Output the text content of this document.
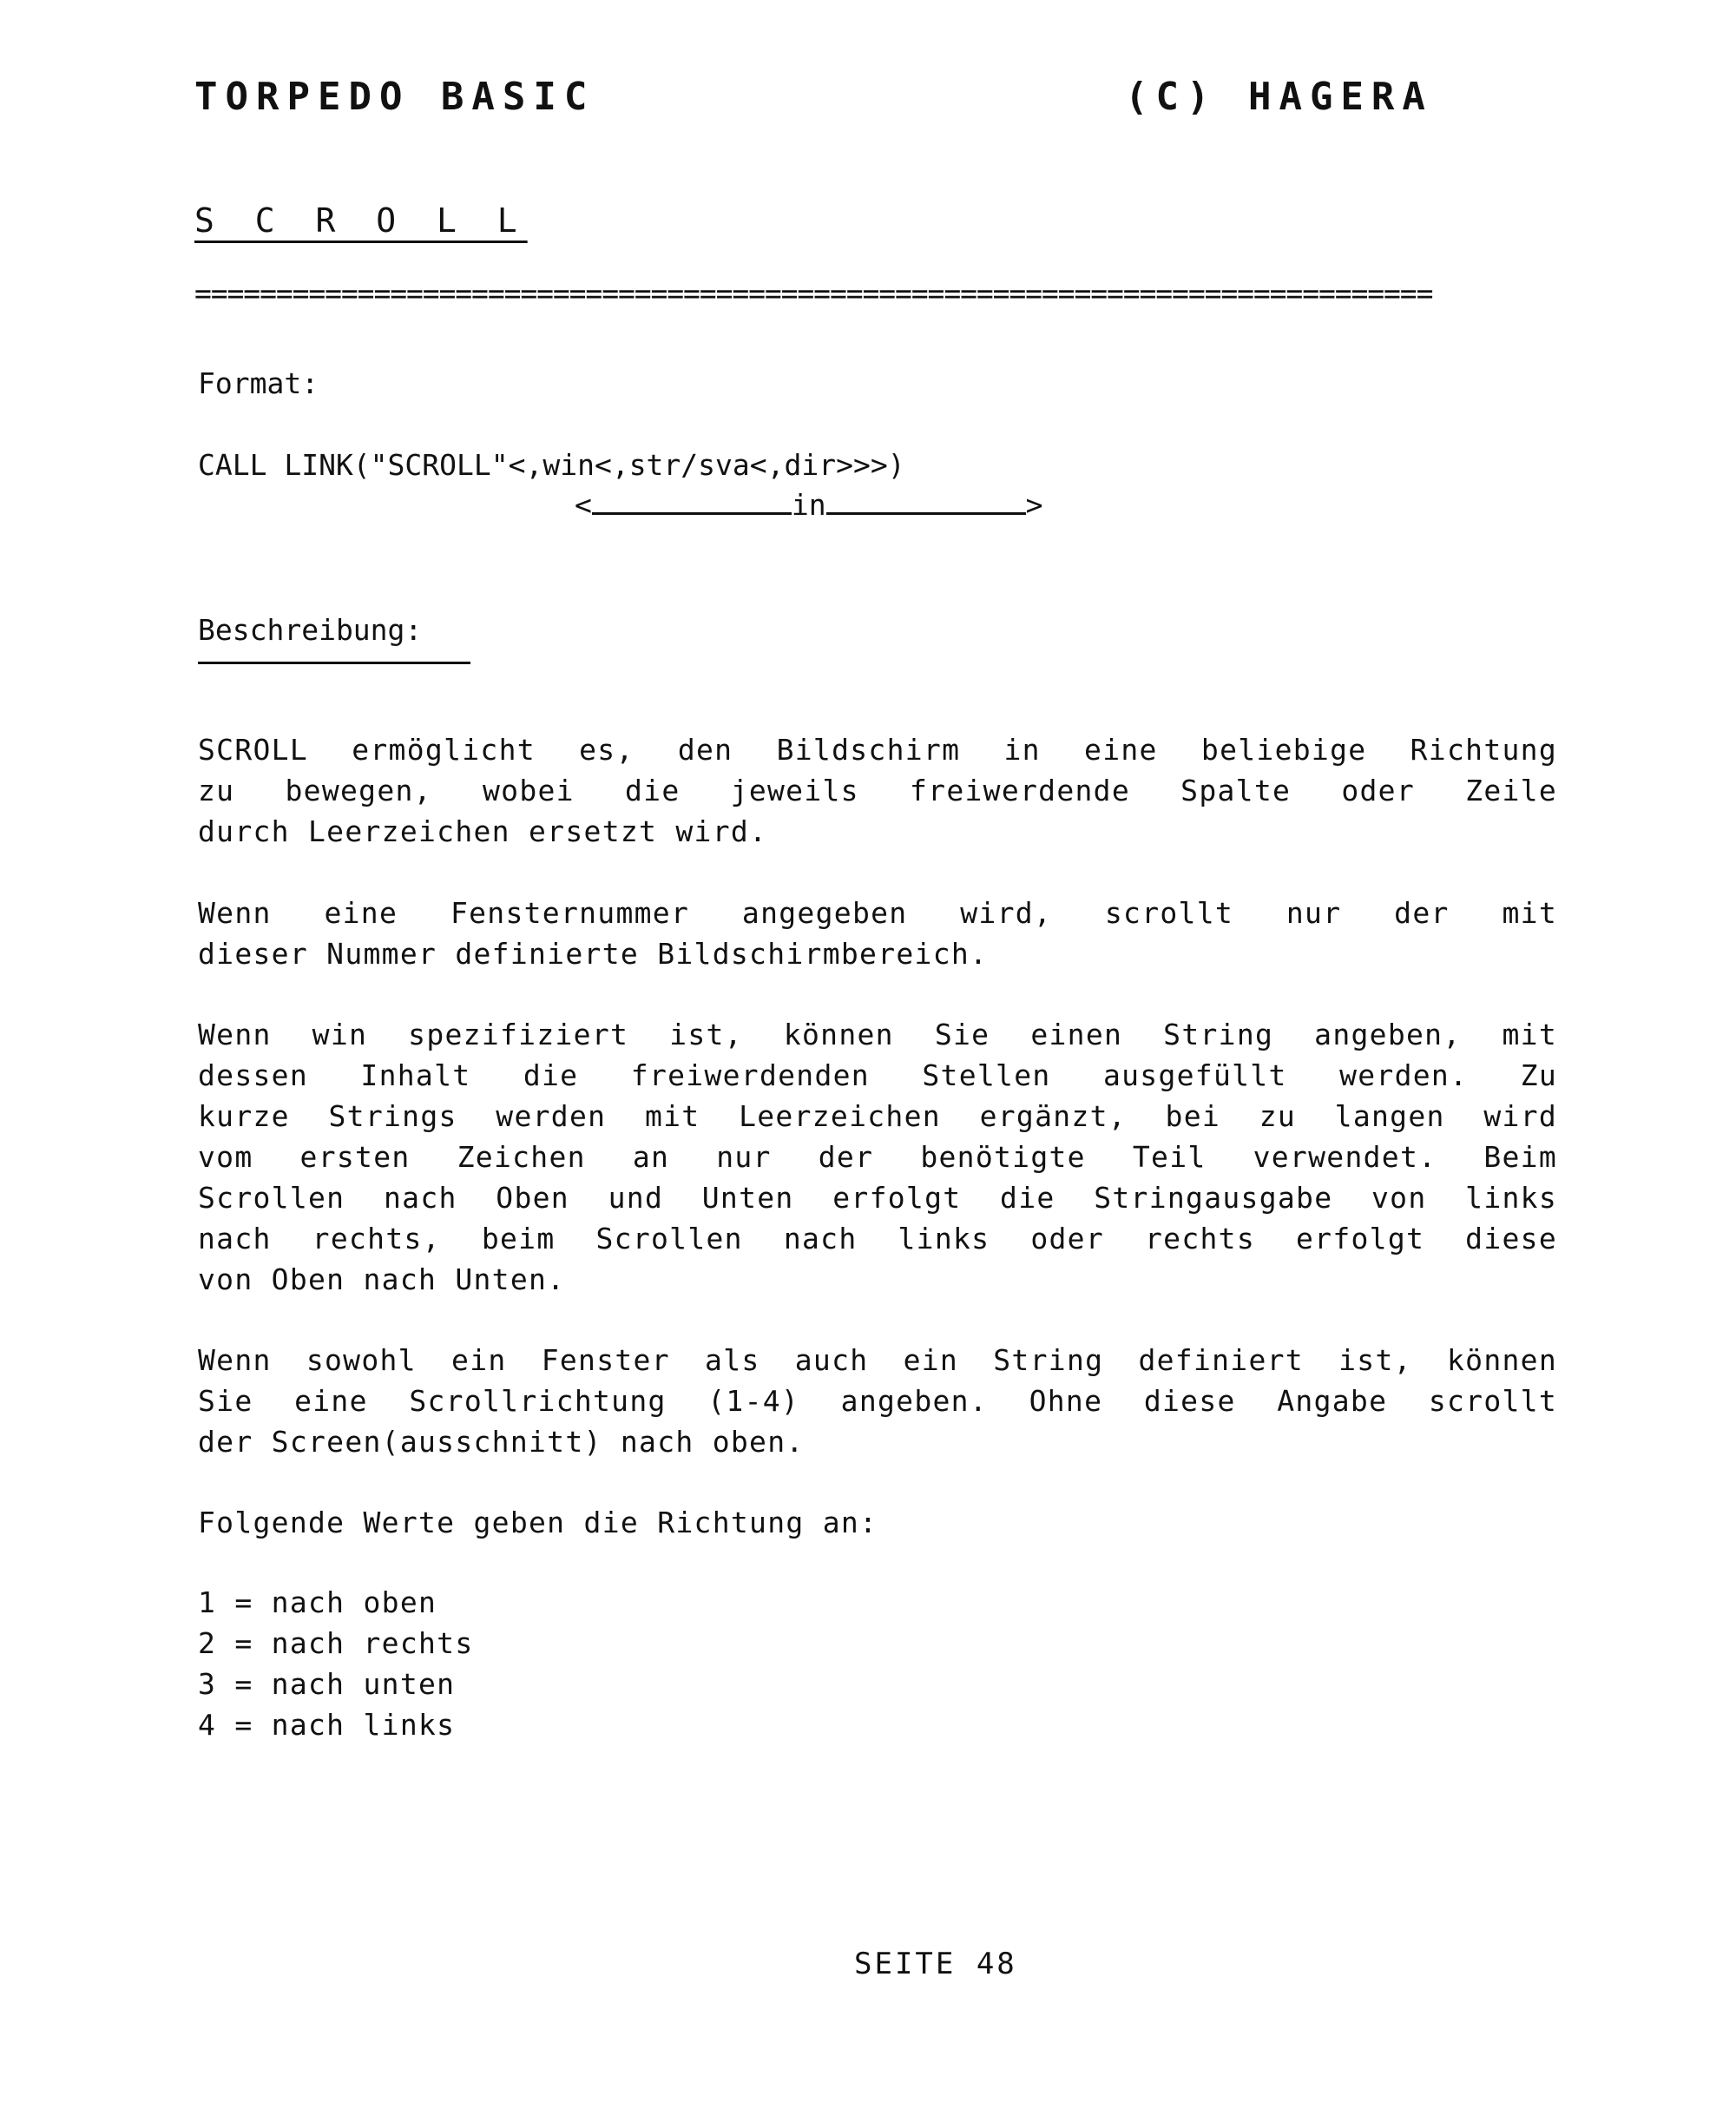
TORPEDO BASIC	(C) HAGERA
S C R O L L
============================================================================
Format:
CALL LINK("SCROLL"<,win<,str/sva<,dir>>>)
<	in	>
Beschreibung:
SCROLL ermöglicht es, den Bildschirm in eine beliebige Richtung
zu bewegen, wobei die jeweils freiwerdende Spalte oder Zeile
durch Leerzeichen ersetzt wird.
Wenn eine Fensternummer angegeben wird, scrollt nur der mit
dieser Nummer definierte Bildschirmbereich.
Wenn win spezifiziert ist, können Sie einen String angeben, mit
dessen Inhalt die freiwerdenden Stellen ausgefüllt werden. Zu
kurze Strings werden mit Leerzeichen ergänzt, bei zu langen wird
vom ersten Zeichen an nur der benötigte Teil verwendet. Beim
Scrollen nach Oben und Unten erfolgt die Stringausgabe von links
nach rechts, beim Scrollen nach links oder rechts erfolgt diese
von Oben nach Unten.
Wenn sowohl ein Fenster als auch ein String definiert ist, können
Sie eine Scrollrichtung (1-4) angeben. Ohne diese Angabe scrollt
der Screen(ausschnitt) nach oben.
Folgende Werte geben die Richtung an:
1 = nach oben
2 = nach rechts
3 = nach unten
4 = nach links
SEITE 48
